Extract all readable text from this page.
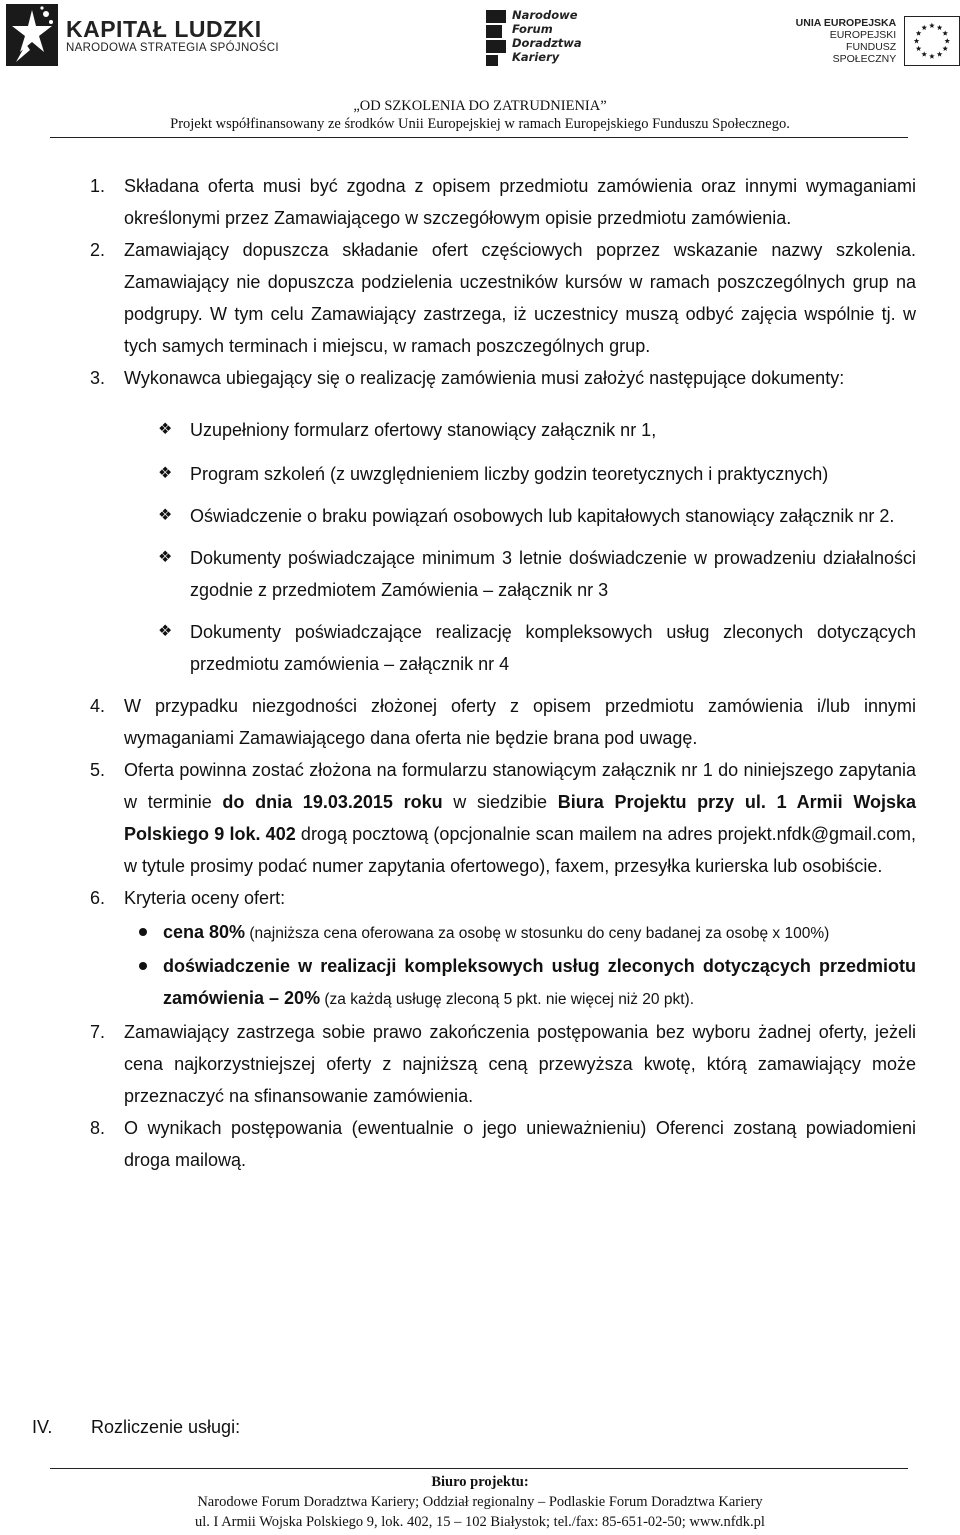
KAPITAŁ LUDZKI
NARODOWA STRATEGIA SPÓJNOŚCI
Narodowe
Forum
Doradztwa
Kariery
UNIA EUROPEJSKA
EUROPEJSKI
FUNDUSZ SPOŁECZNY
„OD SZKOLENIA DO ZATRUDNIENIA”
Projekt współfinansowany ze środków Unii Europejskiej w ramach Europejskiego Funduszu Społecznego.
1. Składana oferta musi być zgodna z opisem przedmiotu zamówienia oraz innymi wymaganiami określonymi przez Zamawiającego w szczegółowym opisie przedmiotu zamówienia.
2. Zamawiający dopuszcza składanie ofert częściowych poprzez wskazanie nazwy szkolenia. Zamawiający nie dopuszcza podzielenia uczestników kursów w ramach poszczególnych grup na podgrupy. W tym celu Zamawiający zastrzega, iż uczestnicy muszą odbyć zajęcia wspólnie tj. w tych samych terminach i miejscu, w ramach poszczególnych grup.
3. Wykonawca ubiegający się o realizację zamówienia musi założyć następujące dokumenty:
❖ Uzupełniony formularz ofertowy stanowiący załącznik nr 1,
❖ Program szkoleń (z uwzględnieniem liczby godzin teoretycznych i praktycznych)
❖ Oświadczenie o braku powiązań osobowych lub kapitałowych stanowiący załącznik nr 2.
❖ Dokumenty poświadczające minimum 3 letnie doświadczenie w prowadzeniu działalności zgodnie z przedmiotem Zamówienia – załącznik nr 3
❖ Dokumenty poświadczające realizację kompleksowych usług zleconych dotyczących przedmiotu zamówienia – załącznik nr 4
4. W przypadku niezgodności złożonej oferty z opisem przedmiotu zamówienia i/lub innymi wymaganiami Zamawiającego dana oferta nie będzie brana pod uwagę.
5. Oferta powinna zostać złożona na formularzu stanowiącym załącznik nr 1 do niniejszego zapytania w terminie do dnia 19.03.2015 roku w siedzibie Biura Projektu przy ul. 1 Armii Wojska Polskiego 9 lok. 402 drogą pocztową (opcjonalnie scan mailem na adres projekt.nfdk@gmail.com, w tytule prosimy podać numer zapytania ofertowego), faxem, przesyłka kurierska lub osobiście.
6. Kryteria oceny ofert:
cena 80% (najniższa cena oferowana za osobę w stosunku do ceny badanej za osobę x 100%)
doświadczenie w realizacji kompleksowych usług zleconych dotyczących przedmiotu zamówienia – 20% (za każdą usługę zleconą 5 pkt. nie więcej niż 20 pkt).
7. Zamawiający zastrzega sobie prawo zakończenia postępowania bez wyboru żadnej oferty, jeżeli cena najkorzystniejszej oferty z najniższą ceną przewyższa kwotę, którą zamawiający może przeznaczyć na sfinansowanie zamówienia.
8. O wynikach postępowania (ewentualnie o jego unieważnieniu) Oferenci zostaną powiadomieni droga mailową.
IV. Rozliczenie usługi:
Biuro projektu:
Narodowe Forum Doradztwa Kariery; Oddział regionalny – Podlaskie Forum Doradztwa Kariery
ul. I Armii Wojska Polskiego 9, lok. 402, 15 – 102 Białystok; tel./fax: 85-651-02-50; www.nfdk.pl
